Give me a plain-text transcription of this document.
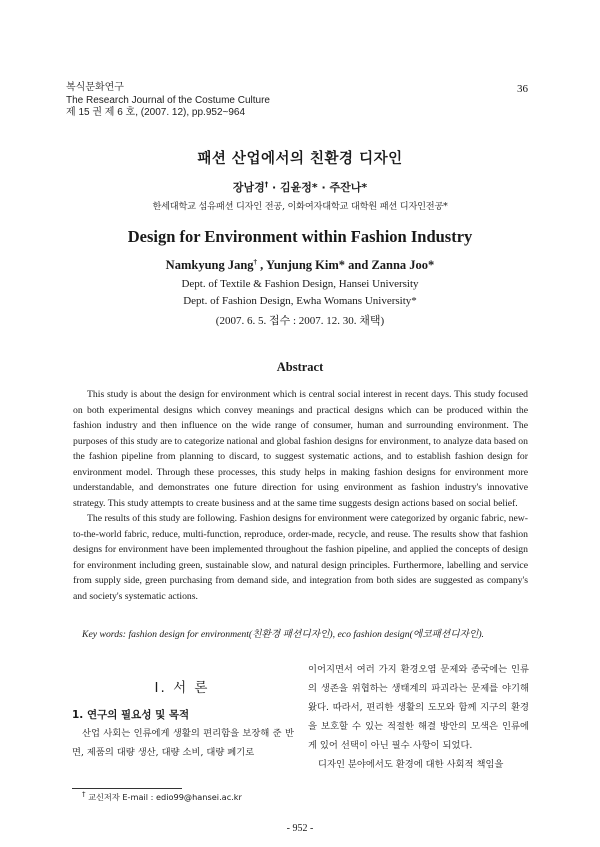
복식문화연구
The Research Journal of the Costume Culture
제 15 권 제 6 호, (2007. 12), pp.952~964
36
패션 산업에서의 친환경 디자인
장남경† · 김윤정* · 주잔나*
한세대학교 섬유패션 디자인 전공, 이화여자대학교 대학원 패션 디자인전공*
Design for Environment within Fashion Industry
Namkyung Jang† , Yunjung Kim* and Zanna Joo*
Dept. of Textile & Fashion Design, Hansei University
Dept. of Fashion Design, Ewha Womans University*
(2007. 6. 5. 접수 : 2007. 12. 30. 채택)
Abstract

This study is about the design for environment which is central social interest in recent days. This study focused on both experimental designs which convey meanings and practical designs which can be produced within the fashion industry and then influence on the wide range of consumer, human and surrounding environment. The purposes of this study are to categorize national and global fashion designs for environment, to analyze data based on the fashion pipeline from planning to discard, to suggest systematic actions, and to establish fashion design for environment model. Through these processes, this study helps in making fashion designs for environment more understandable, and demonstrates one future direction for using environment as fashion industry's innovative strategy. This study attempts to create business and at the same time suggests design actions based on social belief.

The results of this study are following. Fashion designs for environment were categorized by organic fabric, new-to-the-world fabric, reduce, multi-function, reproduce, order-made, recycle, and reuse. The results show that fashion designs for environment have been implemented throughout the fashion pipeline, and applied the concepts of design for environment including green, sustainable slow, and natural design principles. Furthermore, labelling and service from supply side, green purchasing from demand side, and integration from both sides are suggested as company's and society's systematic actions.

Key words: fashion design for environment(친환경 패션디자인), eco fashion design(에코패션디자인).
Ⅰ. 서 론
1. 연구의 필요성 및 목적

산업 사회는 인류에게 생활의 편리함을 보장해 준 반면, 제품의 대량 생산, 대량 소비, 대량 폐기로

이어지면서 여러 가지 환경오염 문제와 종국에는 인류의 생존을 위협하는 생태계의 파괴라는 문제를 야기해왔다. 따라서, 편리한 생활의 도모와 함께 지구의 환경을 보호할 수 있는 적절한 해결 방안의 모색은 인류에게 있어 선택이 아닌 필수 사항이 되었다.

디자인 분야에서도 환경에 대한 사회적 책임을

† 교신저자 E-mail : edio99@hansei.ac.kr
- 952 -
